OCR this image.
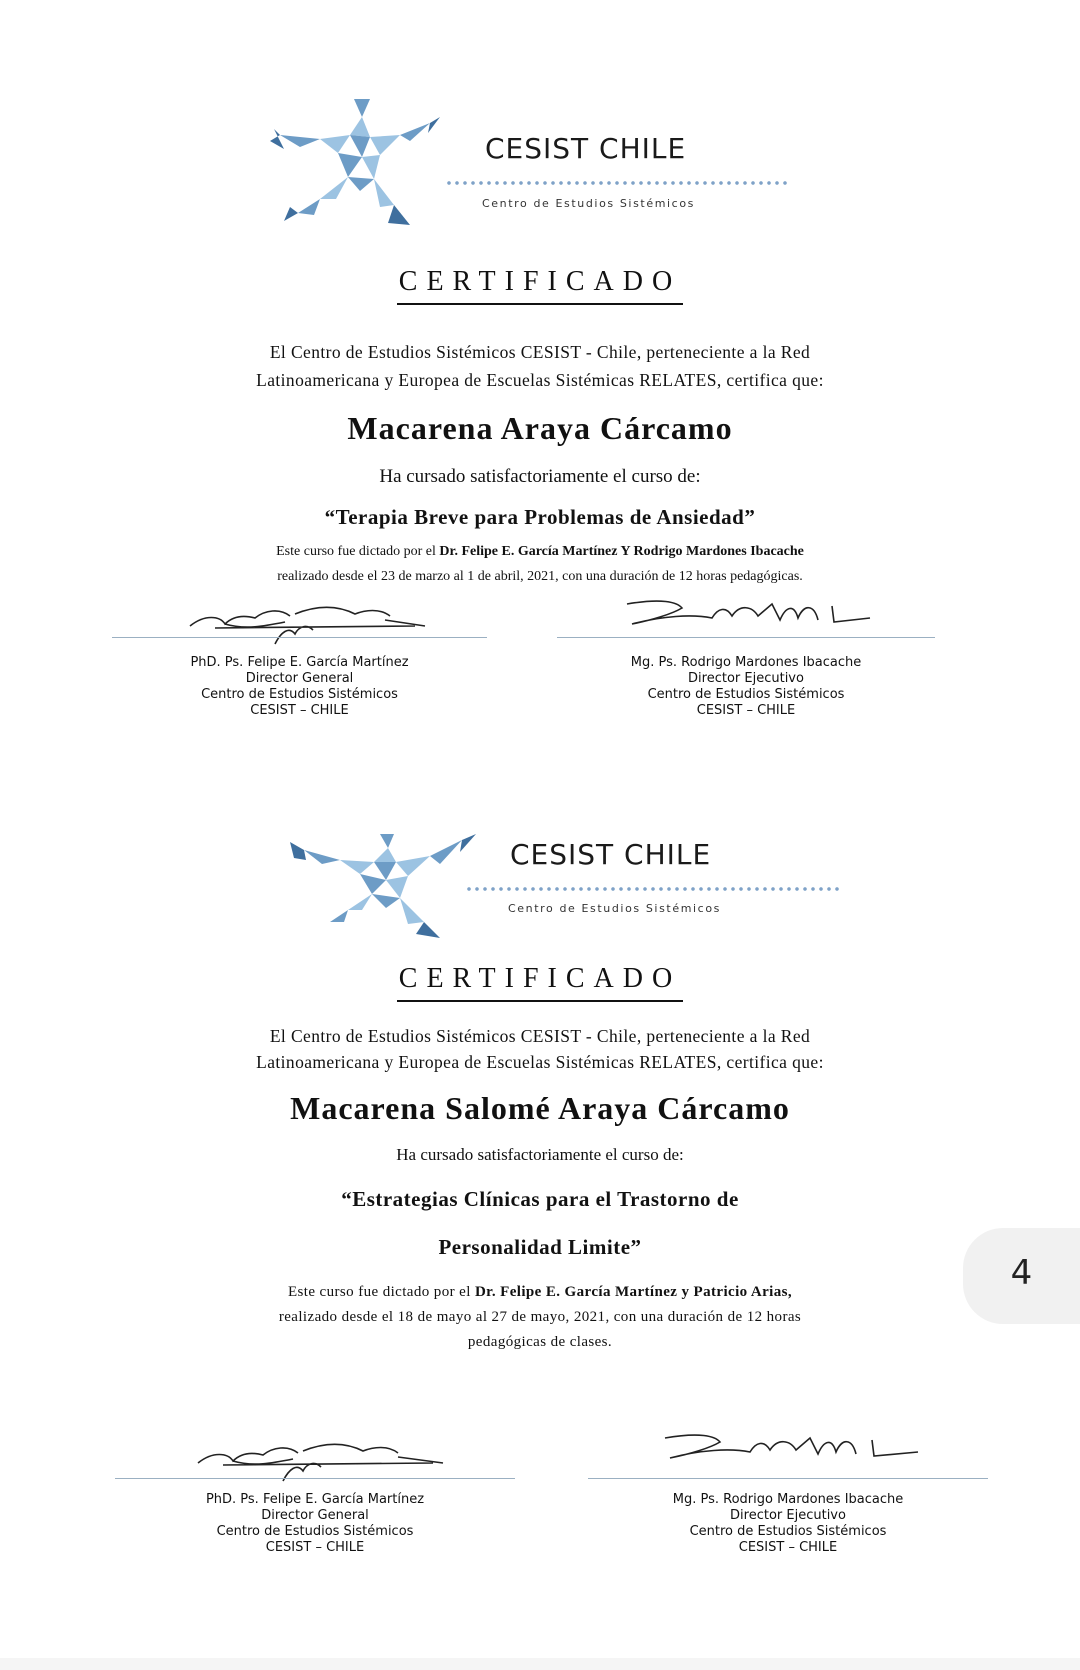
CESIST CHILE
Centro de Estudios Sistémicos
CERTIFICADO
El Centro de Estudios Sistémicos CESIST - Chile, perteneciente a la Red
Latinoamericana y Europea de Escuelas Sistémicas RELATES, certifica que:
Macarena Araya Cárcamo
Ha cursado satisfactoriamente el curso de:
“Terapia Breve para Problemas de Ansiedad”
Este curso fue dictado por el Dr. Felipe E. García Martínez Y Rodrigo Mardones Ibacache
realizado desde el 23 de marzo al 1 de abril, 2021, con una duración de 12 horas pedagógicas.
PhD. Ps. Felipe E. García Martínez
Director General
Centro de Estudios Sistémicos
CESIST – CHILE
Mg. Ps. Rodrigo Mardones Ibacache
Director Ejecutivo
Centro de Estudios Sistémicos
CESIST – CHILE
CESIST CHILE
Centro de Estudios Sistémicos
CERTIFICADO
El Centro de Estudios Sistémicos CESIST - Chile, perteneciente a la Red
Latinoamericana y Europea de Escuelas Sistémicas RELATES, certifica que:
Macarena Salomé Araya Cárcamo
Ha cursado satisfactoriamente el curso de:
“Estrategias Clínicas para el Trastorno de
Personalidad Limite”
Este curso fue dictado por el Dr. Felipe E. García Martínez y Patricio Arias,
realizado desde el 18 de mayo al 27 de mayo, 2021, con una duración de 12 horas
pedagógicas de clases.
PhD. Ps. Felipe E. García Martínez
Director General
Centro de Estudios Sistémicos
CESIST – CHILE
Mg. Ps. Rodrigo Mardones Ibacache
Director Ejecutivo
Centro de Estudios Sistémicos
CESIST – CHILE
4
